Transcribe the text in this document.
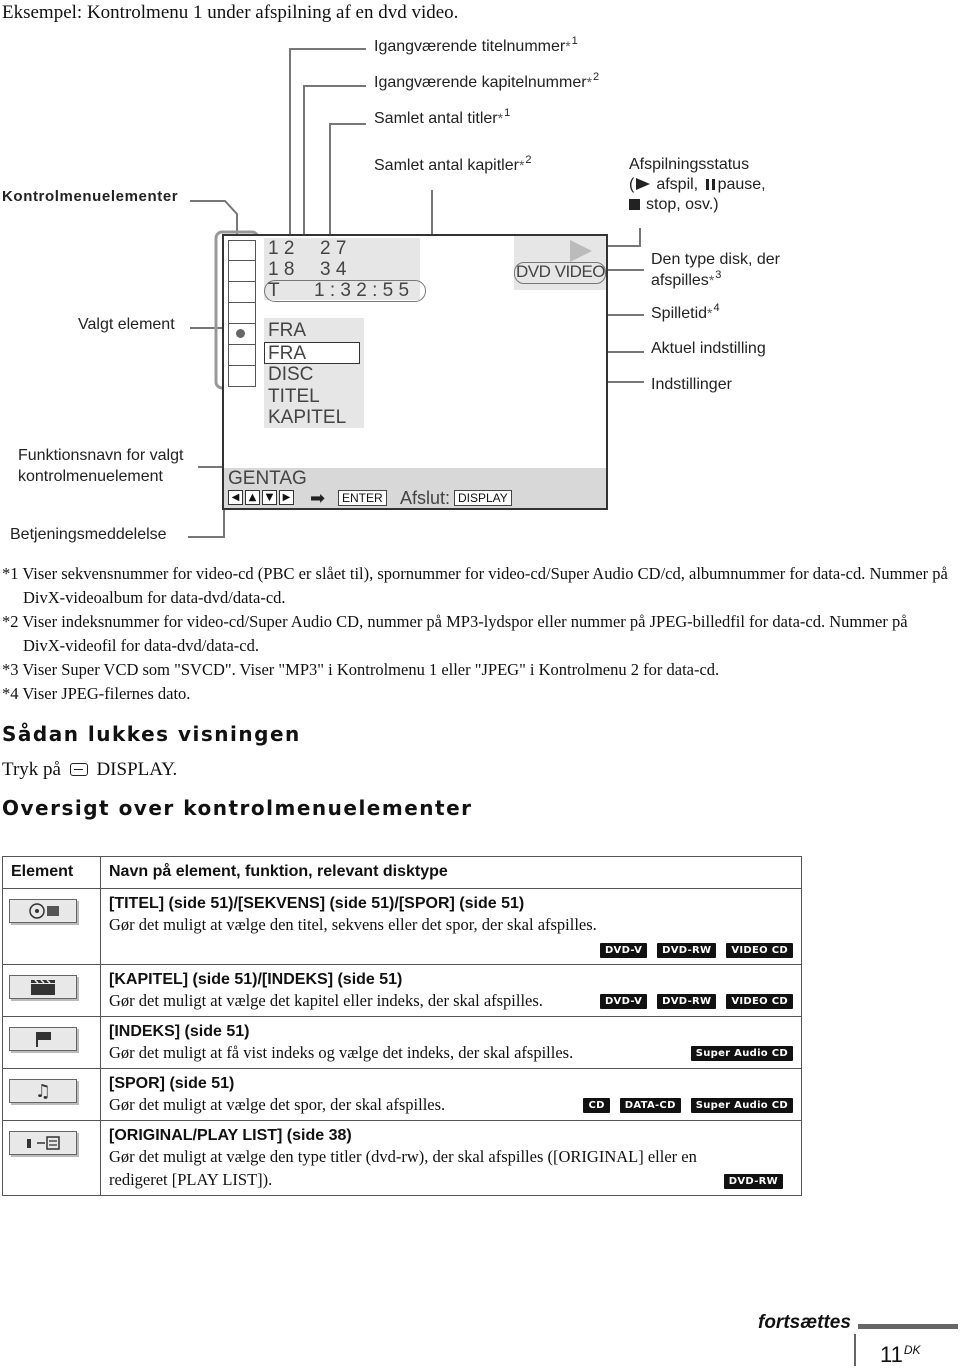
Eksempel: Kontrolmenu 1 under afspilning af en dvd video.
Igangværende titelnummer*$^1$
Igangværende kapitelnummer*$^2$
Samlet antal titler*$^1$
Samlet antal kapitler*$^2$	Afspilningsstatus
( afspil, pause,
stop, osv.)
Kontrolmenuelementer
Den type disk, der
afspilles*$^3$
Spilletid*$^4$
Aktuel indstilling
Indstillinger
Valgt element
Funktionsnavn for valgt
kontrolmenuelement
Betjeningsmeddelelse
1 2 2 7
1 8 3 4
T 1 : 3 2 : 5 5
DVD VIDEO
FRA
FRA
DISC
TITEL
KAPITEL
GENTAG
◀ ▲ ▼ ▶ ➡	ENTER Afslut: DISPLAY
*1 Viser sekvensnummer for video-cd (PBC er slået til), spornummer for video-cd/Super Audio CD/cd, albumnummer for data-cd. Nummer på DivX-videoalbum for data-dvd/data-cd.
*2 Viser indeksnummer for video-cd/Super Audio CD, nummer på MP3-lydspor eller nummer på JPEG-billedfil for data-cd. Nummer på DivX-videofil for data-dvd/data-cd.
*3 Viser Super VCD som "SVCD". Viser "MP3" i Kontrolmenu 1 eller "JPEG" i Kontrolmenu 2 for data-cd.
*4 Viser JPEG-filernes dato.
Sådan lukkes visningen
Tryk på DISPLAY.
Oversigt over kontrolmenuelementer
Element	Navn på element, funktion, relevant disktype

[TITEL] (side 51)/[SEKVENS] (side 51)/[SPOR] (side 51)
Gør det muligt at vælge den titel, sekvens eller det spor, der skal afspilles.
DVD-V DVD-RW VIDEO CD

[KAPITEL] (side 51)/[INDEKS] (side 51)
Gør det muligt at vælge det kapitel eller indeks, der skal afspilles. DVD-V DVD-RW VIDEO CD

[INDEKS] (side 51)
Gør det muligt at få vist indeks og vælge det indeks, der skal afspilles. Super Audio CD

♫	[SPOR] (side 51)
Gør det muligt at vælge det spor, der skal afspilles. CD DATA-CD Super Audio CD

[ORIGINAL/PLAY LIST] (side 38)
Gør det muligt at vælge den type titler (dvd-rw), der skal afspilles ([ORIGINAL] eller en redigeret [PLAY LIST]). DVD-RW
fortsættes
$11^{DK}$
